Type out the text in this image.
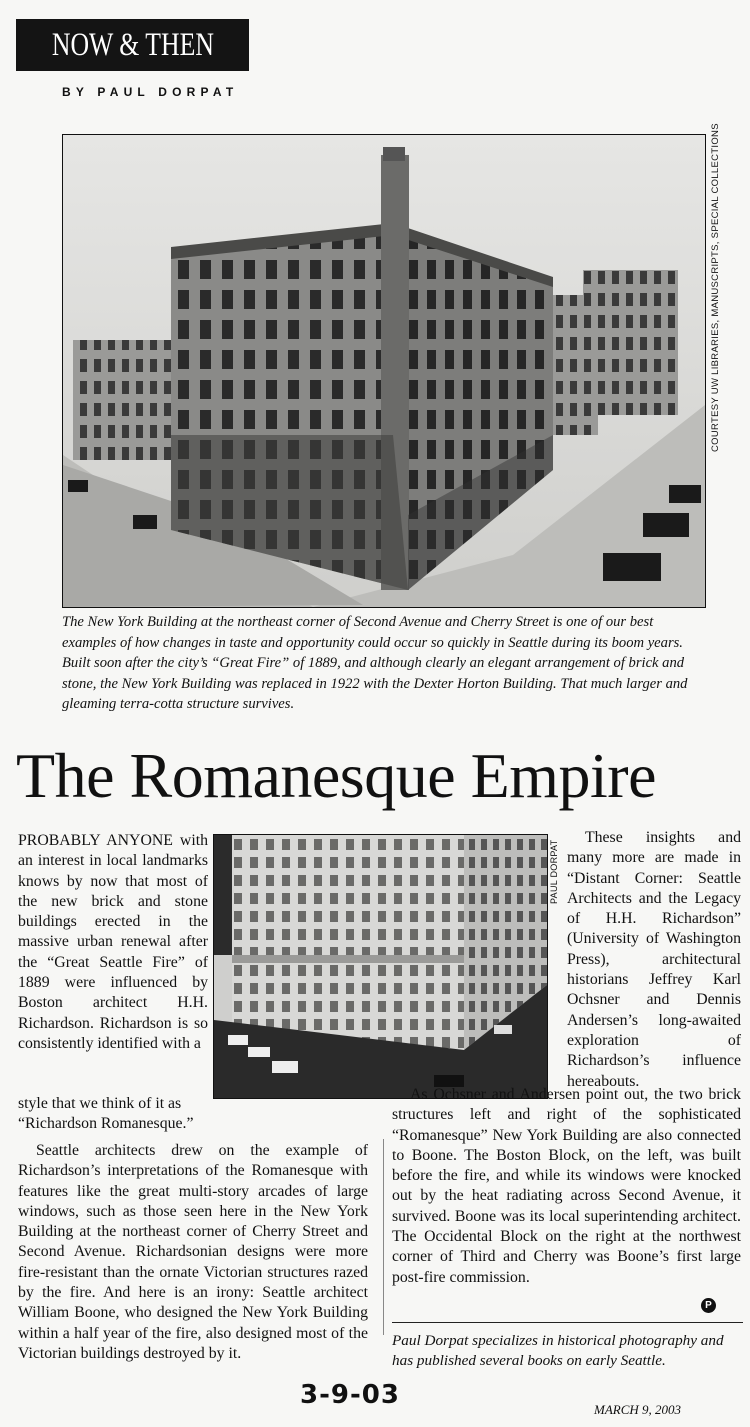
NOW & THEN
BY PAUL DORPAT
COURTESY UW LIBRARIES, MANUSCRIPTS, SPECIAL COLLECTIONS

The New York Building at the northeast corner of Second Avenue and Cherry Street is one of our best examples of how changes in taste and opportunity could occur so quickly in Seattle during its boom years. Built soon after the city’s “Great Fire” of 1889, and although clearly an elegant arrangement of brick and stone, the New York Building was replaced in 1922 with the Dexter Horton Building. That much larger and gleaming terra-cotta structure survives.

The Romanesque Empire
PAUL DORPAT

PROBABLY ANYONE with an interest in local landmarks knows by now that most of the new brick and stone buildings erected in the massive urban renewal after the “Great Seattle Fire” of 1889 were influenced by Boston architect H.H. Richardson. Richardson is so consistently identified with a

style that we think of it as “Richardson Romanesque.”

Seattle architects drew on the example of Richardson’s interpretations of the Romanesque with features like the great multi-story arcades of large windows, such as those seen here in the New York Building at the northeast corner of Cherry Street and Second Avenue. Richardsonian designs were more fire-resistant than the ornate Victorian structures razed by the fire. And here is an irony: Seattle architect William Boone, who designed the New York Building within a half year of the fire, also designed most of the Victorian buildings destroyed by it.

These insights and many more are made in “Distant Corner: Seattle Architects and the Legacy of H.H. Richardson” (University of Washington Press), architectural historians Jeffrey Karl Ochsner and Dennis Andersen’s long-awaited exploration of Richardson’s influence hereabouts.

As Ochsner and Andersen point out, the two brick structures left and right of the sophisticated “Romanesque” New York Building are also connected to Boone. The Boston Block, on the left, was built before the fire, and while its windows were knocked out by the heat radiating across Second Avenue, it survived. Boone was its local superintending architect. The Occidental Block on the right at the northwest corner of Third and Cherry was Boone’s first large post-fire commission.

P

Paul Dorpat specializes in historical photography and has published several books on early Seattle.

3-9-03	MARCH 9, 2003
